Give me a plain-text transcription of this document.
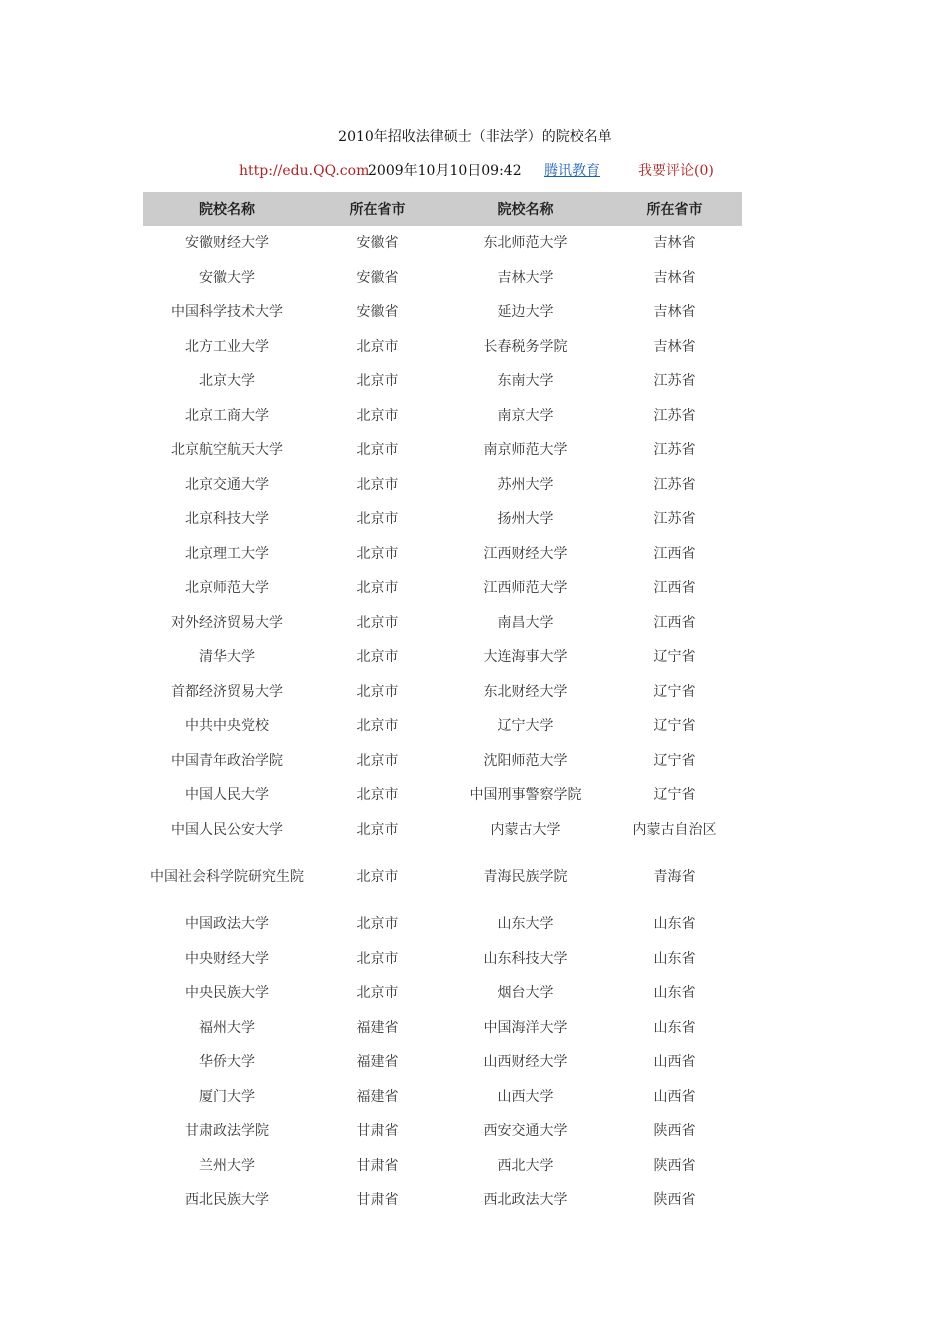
2010年招收法律硕士（非法学）的院校名单
http://edu.QQ.com
2009年10月10日09:42 腾讯教育	我要评论(0)
院校名称	所在省市	院校名称	所在省市
安徽财经大学	安徽省	东北师范大学	吉林省
安徽大学	安徽省	吉林大学	吉林省
中国科学技术大学	安徽省	延边大学	吉林省
北方工业大学	北京市	长春税务学院	吉林省
北京大学	北京市	东南大学	江苏省
北京工商大学	北京市	南京大学	江苏省
北京航空航天大学	北京市	南京师范大学	江苏省
北京交通大学	北京市	苏州大学	江苏省
北京科技大学	北京市	扬州大学	江苏省
北京理工大学	北京市	江西财经大学	江西省
北京师范大学	北京市	江西师范大学	江西省
对外经济贸易大学	北京市	南昌大学	江西省
清华大学	北京市	大连海事大学	辽宁省
首都经济贸易大学	北京市	东北财经大学	辽宁省
中共中央党校	北京市	辽宁大学	辽宁省
中国青年政治学院	北京市	沈阳师范大学	辽宁省
中国人民大学	北京市	中国刑事警察学院	辽宁省
中国人民公安大学	北京市	内蒙古大学	内蒙古自治区
中国社会科学院研究生院	北京市	青海民族学院	青海省
中国政法大学	北京市	山东大学	山东省
中央财经大学	北京市	山东科技大学	山东省
中央民族大学	北京市	烟台大学	山东省
福州大学	福建省	中国海洋大学	山东省
华侨大学	福建省	山西财经大学	山西省
厦门大学	福建省	山西大学	山西省
甘肃政法学院	甘肃省	西安交通大学	陕西省
兰州大学	甘肃省	西北大学	陕西省
西北民族大学	甘肃省	西北政法大学	陕西省
